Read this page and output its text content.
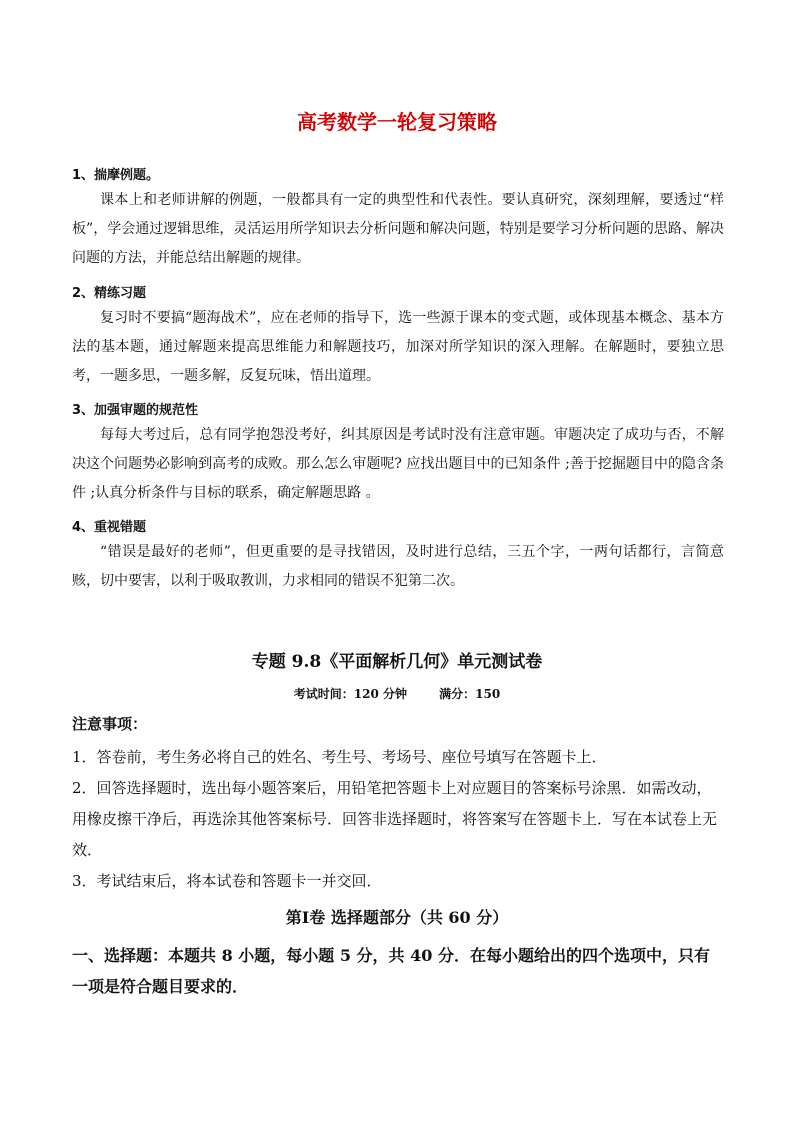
高考数学一轮复习策略
1、揣摩例题。
课本上和老师讲解的例题，一般都具有一定的典型性和代表性。要认真研究，深刻理解，要透过“样板”，学会通过逻辑思维，灵活运用所学知识去分析问题和解决问题，特别是要学习分析问题的思路、解决问题的方法，并能总结出解题的规律。
2、精练习题
复习时不要搞“题海战术”，应在老师的指导下，选一些源于课本的变式题，或体现基本概念、基本方法的基本题，通过解题来提高思维能力和解题技巧，加深对所学知识的深入理解。在解题时，要独立思考，一题多思，一题多解，反复玩味，悟出道理。
3、加强审题的规范性
每每大考过后，总有同学抱怨没考好，纠其原因是考试时没有注意审题。审题决定了成功与否，不解决这个问题势必影响到高考的成败。那么怎么审题呢? 应找出题目中的已知条件 ;善于挖掘题目中的隐含条件 ;认真分析条件与目标的联系，确定解题思路 。
4、重视错题
“错误是最好的老师”，但更重要的是寻找错因，及时进行总结，三五个字，一两句话都行，言简意赅，切中要害，以利于吸取教训，力求相同的错误不犯第二次。
专题 9.8《平面解析几何》单元测试卷
考试时间：120 分钟	满分：150
注意事项：
1．答卷前，考生务必将自己的姓名、考生号、考场号、座位号填写在答题卡上．
2．回答选择题时，选出每小题答案后，用铅笔把答题卡上对应题目的答案标号涂黑．如需改动，用橡皮擦干净后，再选涂其他答案标号．回答非选择题时，将答案写在答题卡上．写在本试卷上无效．
3．考试结束后，将本试卷和答题卡一并交回．
第Ⅰ卷 选择题部分（共 60 分）
一、选择题：本题共 8 小题，每小题 5 分，共 40 分．在每小题给出的四个选项中，只有一项是符合题目要求的．
